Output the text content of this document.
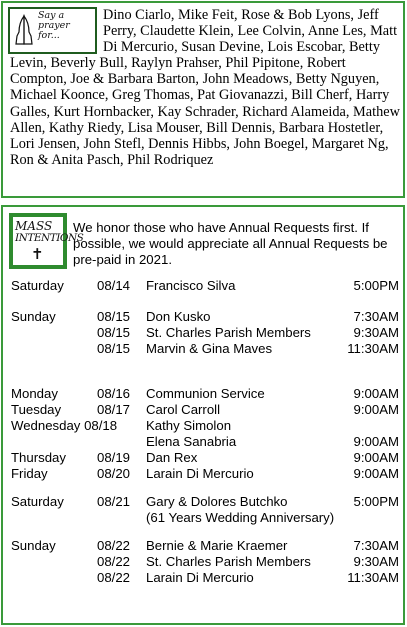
Say a
prayer
for...

Dino Ciarlo, Mike Feit, Rose & Bob Lyons, Jeff Perry, Claudette Klein, Lee Colvin, Anne Les, Matt Di Mercurio, Susan Devine, Lois Escobar, Betty Levin, Beverly Bull, Raylyn Prahser, Phil Pipitone, Robert Compton, Joe & Barbara Barton, John Meadows, Betty Nguyen, Michael Koonce, Greg Thomas, Pat Giovanazzi, Bill Cherf, Harry Galles, Kurt Hornbacker, Kay Schrader, Richard Alameida, Mathew Allen, Kathy Riedy, Lisa Mouser, Bill Dennis, Barbara Hostetler, Lori Jensen, John Stefl, Dennis Hibbs, John Boegel, Margaret Ng, Ron & Anita Pasch, Phil Rodriquez

MASS
INTENTIONS
✝

We honor those who have Annual Requests first. If possible, we would appreciate all Annual Requests be pre-paid in 2021.

Saturday	08/14 Francisco Silva	5:00PM
Sunday	08/15 Don Kusko	7:30AM
08/15 St. Charles Parish Members	9:30AM
08/15 Marvin & Gina Maves	11:30AM
Monday	08/16 Communion Service	9:00AM
Tuesday	08/17 Carol Carroll	9:00AM
Wednesday 08/18 Kathy Simolon
Elena Sanabria	9:00AM
Thursday 08/19 Dan Rex	9:00AM
Friday	08/20 Larain Di Mercurio	9:00AM
Saturday	08/21 Gary & Dolores Butchko	5:00PM
(61 Years Wedding Anniversary)
Sunday	08/22 Bernie & Marie Kraemer	7:30AM
08/22 St. Charles Parish Members	9:30AM
08/22 Larain Di Mercurio	11:30AM
